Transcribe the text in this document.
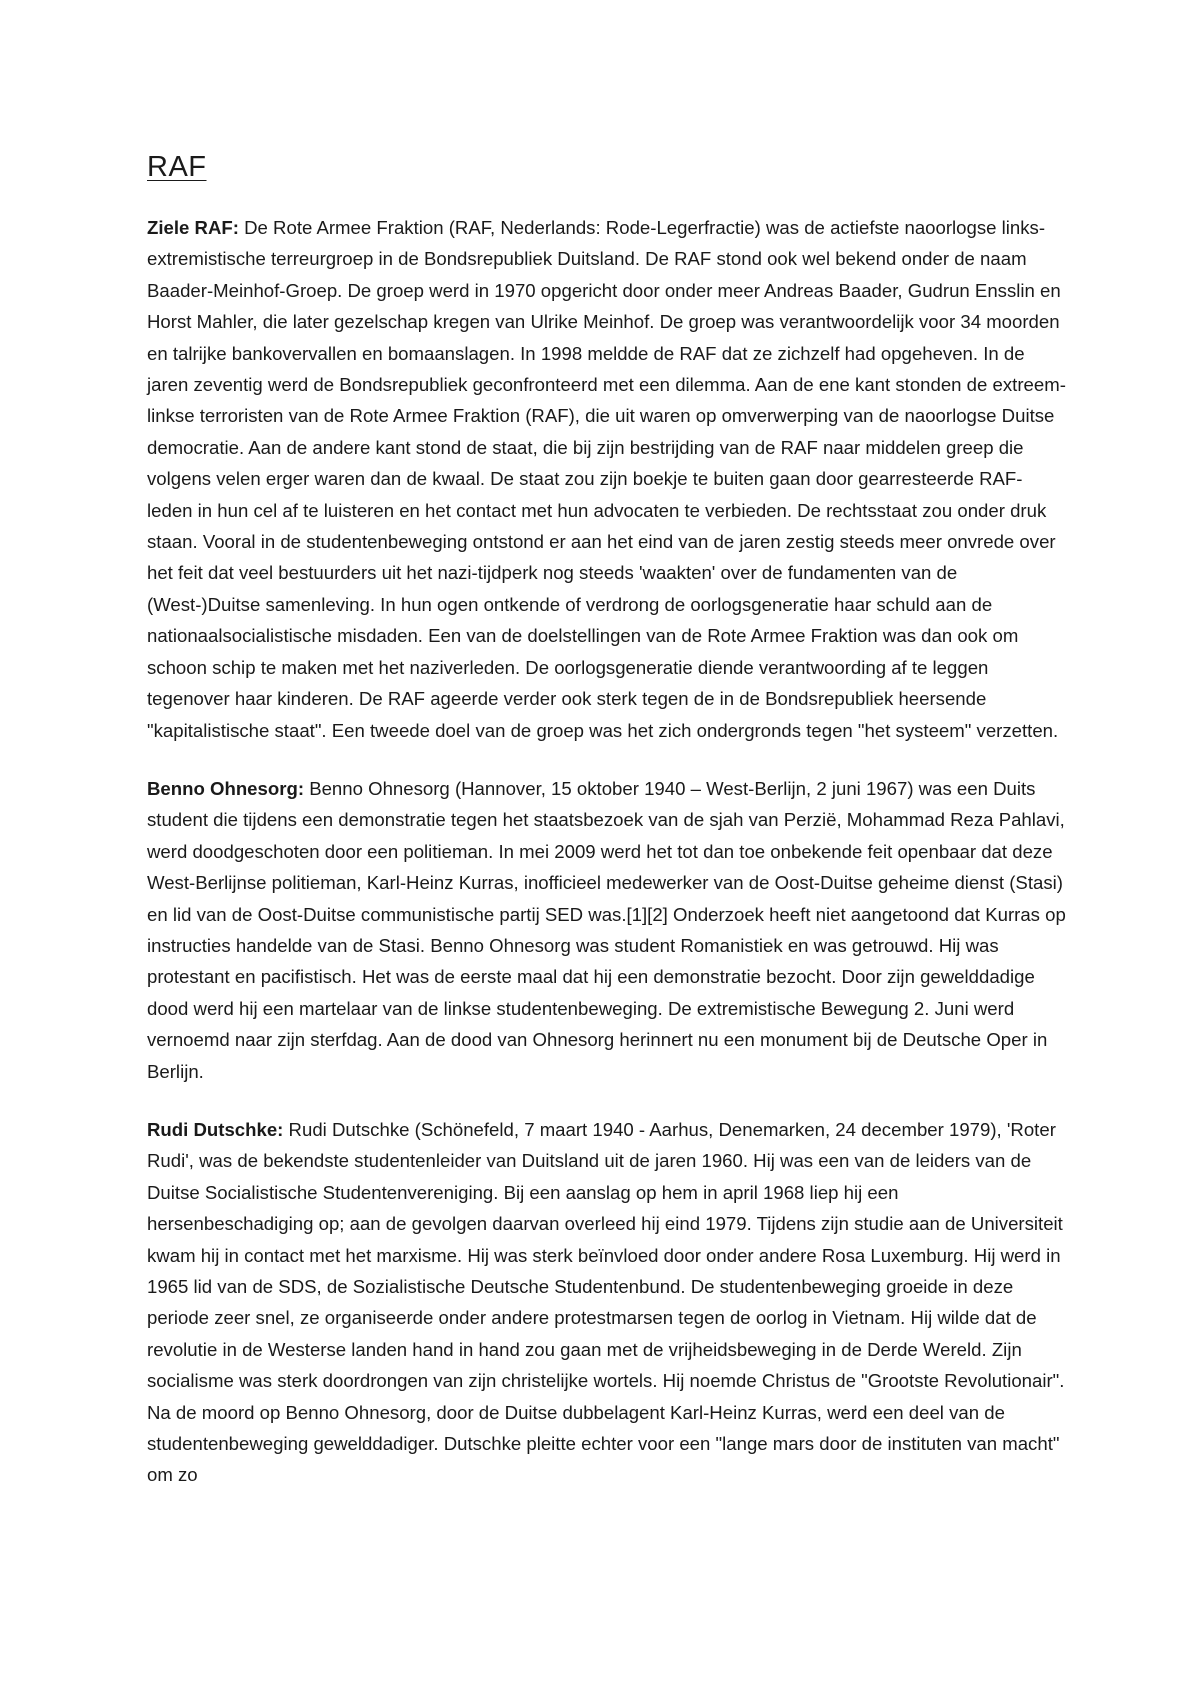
RAF

Ziele RAF: De Rote Armee Fraktion (RAF, Nederlands: Rode-Legerfractie) was de actiefste naoorlogse links-extremistische terreurgroep in de Bondsrepubliek Duitsland. De RAF stond ook wel bekend onder de naam Baader-Meinhof-Groep. De groep werd in 1970 opgericht door onder meer Andreas Baader, Gudrun Ensslin en Horst Mahler, die later gezelschap kregen van Ulrike Meinhof. De groep was verantwoordelijk voor 34 moorden en talrijke bankovervallen en bomaanslagen. In 1998 meldde de RAF dat ze zichzelf had opgeheven. In de jaren zeventig werd de Bondsrepubliek geconfronteerd met een dilemma. Aan de ene kant stonden de extreem-linkse terroristen van de Rote Armee Fraktion (RAF), die uit waren op omverwerping van de naoorlogse Duitse democratie. Aan de andere kant stond de staat, die bij zijn bestrijding van de RAF naar middelen greep die volgens velen erger waren dan de kwaal. De staat zou zijn boekje te buiten gaan door gearresteerde RAF-leden in hun cel af te luisteren en het contact met hun advocaten te verbieden. De rechtsstaat zou onder druk staan. Vooral in de studentenbeweging ontstond er aan het eind van de jaren zestig steeds meer onvrede over het feit dat veel bestuurders uit het nazi-tijdperk nog steeds 'waakten' over de fundamenten van de (West-)Duitse samenleving. In hun ogen ontkende of verdrong de oorlogsgeneratie haar schuld aan de nationaalsocialistische misdaden. Een van de doelstellingen van de Rote Armee Fraktion was dan ook om schoon schip te maken met het naziverleden. De oorlogsgeneratie diende verantwoording af te leggen tegenover haar kinderen. De RAF ageerde verder ook sterk tegen de in de Bondsrepubliek heersende "kapitalistische staat". Een tweede doel van de groep was het zich ondergronds tegen "het systeem" verzetten.

Benno Ohnesorg: Benno Ohnesorg (Hannover, 15 oktober 1940 – West-Berlijn, 2 juni 1967) was een Duits student die tijdens een demonstratie tegen het staatsbezoek van de sjah van Perzië, Mohammad Reza Pahlavi, werd doodgeschoten door een politieman. In mei 2009 werd het tot dan toe onbekende feit openbaar dat deze West-Berlijnse politieman, Karl-Heinz Kurras, inofficieel medewerker van de Oost-Duitse geheime dienst (Stasi) en lid van de Oost-Duitse communistische partij SED was.[1][2] Onderzoek heeft niet aangetoond dat Kurras op instructies handelde van de Stasi. Benno Ohnesorg was student Romanistiek en was getrouwd. Hij was protestant en pacifistisch. Het was de eerste maal dat hij een demonstratie bezocht. Door zijn gewelddadige dood werd hij een martelaar van de linkse studentenbeweging. De extremistische Bewegung 2. Juni werd vernoemd naar zijn sterfdag. Aan de dood van Ohnesorg herinnert nu een monument bij de Deutsche Oper in Berlijn.

Rudi Dutschke: Rudi Dutschke (Schönefeld, 7 maart 1940 - Aarhus, Denemarken, 24 december 1979), 'Roter Rudi', was de bekendste studentenleider van Duitsland uit de jaren 1960. Hij was een van de leiders van de Duitse Socialistische Studentenvereniging. Bij een aanslag op hem in april 1968 liep hij een hersenbeschadiging op; aan de gevolgen daarvan overleed hij eind 1979. Tijdens zijn studie aan de Universiteit kwam hij in contact met het marxisme. Hij was sterk beïnvloed door onder andere Rosa Luxemburg. Hij werd in 1965 lid van de SDS, de Sozialistische Deutsche Studentenbund. De studentenbeweging groeide in deze periode zeer snel, ze organiseerde onder andere protestmarsen tegen de oorlog in Vietnam. Hij wilde dat de revolutie in de Westerse landen hand in hand zou gaan met de vrijheidsbeweging in de Derde Wereld. Zijn socialisme was sterk doordrongen van zijn christelijke wortels. Hij noemde Christus de "Grootste Revolutionair". Na de moord op Benno Ohnesorg, door de Duitse dubbelagent Karl-Heinz Kurras, werd een deel van de studentenbeweging gewelddadiger. Dutschke pleitte echter voor een "lange mars door de instituten van macht" om zo
